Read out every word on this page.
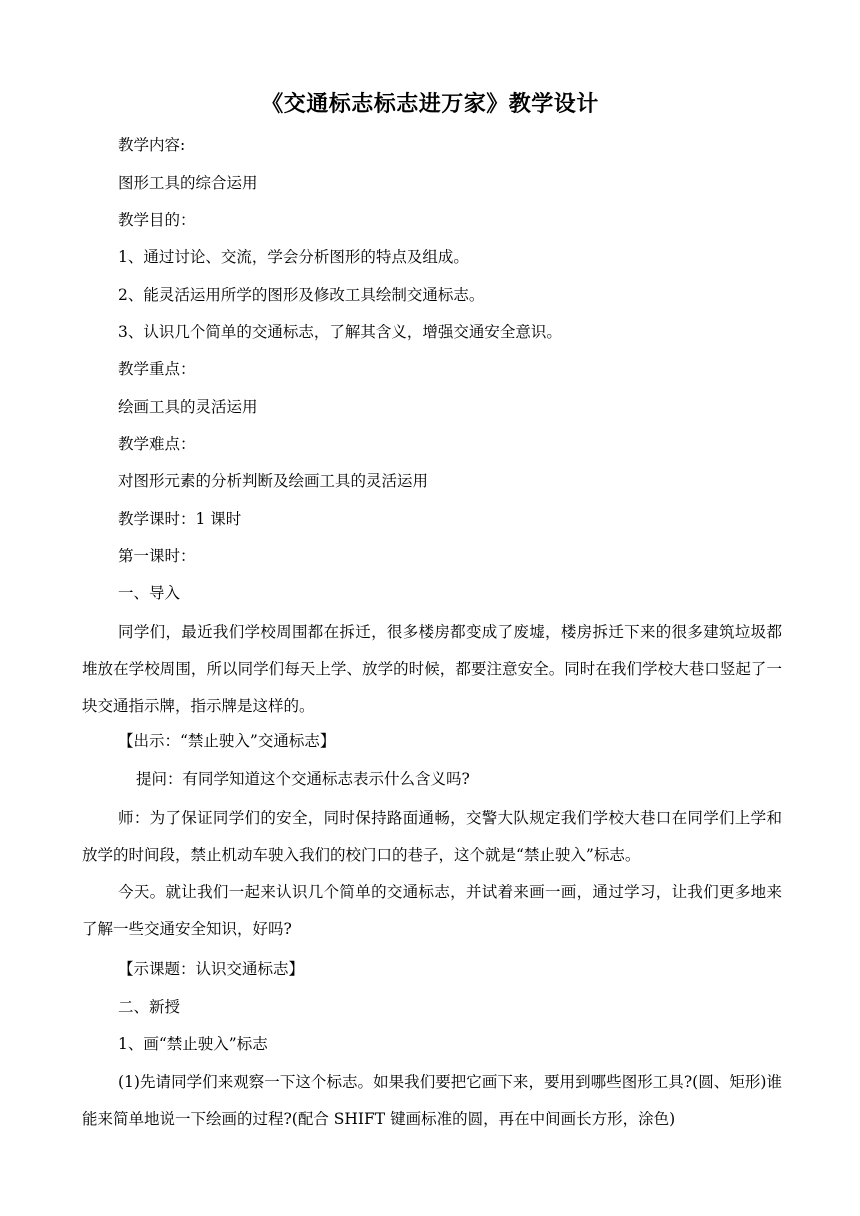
《交通标志标志进万家》教学设计
教学内容:
图形工具的综合运用
教学目的：
1、通过讨论、交流，学会分析图形的特点及组成。
2、能灵活运用所学的图形及修改工具绘制交通标志。
3、认识几个简单的交通标志，了解其含义，增强交通安全意识。
教学重点：
绘画工具的灵活运用
教学难点：
对图形元素的分析判断及绘画工具的灵活运用
教学课时：1 课时
第一课时：
一、导入
同学们，最近我们学校周围都在拆迁，很多楼房都变成了废墟，楼房拆迁下来的很多建筑垃圾都堆放在学校周围，所以同学们每天上学、放学的时候，都要注意安全。同时在我们学校大巷口竖起了一块交通指示牌，指示牌是这样的。
【出示：“禁止驶入”交通标志】
提问：有同学知道这个交通标志表示什么含义吗?
师：为了保证同学们的安全，同时保持路面通畅，交警大队规定我们学校大巷口在同学们上学和放学的时间段，禁止机动车驶入我们的校门口的巷子，这个就是“禁止驶入”标志。
今天。就让我们一起来认识几个简单的交通标志，并试着来画一画，通过学习，让我们更多地来了解一些交通安全知识，好吗?
【示课题：认识交通标志】
二、新授
1、画“禁止驶入”标志
(1)先请同学们来观察一下这个标志。如果我们要把它画下来，要用到哪些图形工具?(圆、矩形)谁能来简单地说一下绘画的过程?(配合 SHIFT 键画标准的圆，再在中间画长方形，涂色)
